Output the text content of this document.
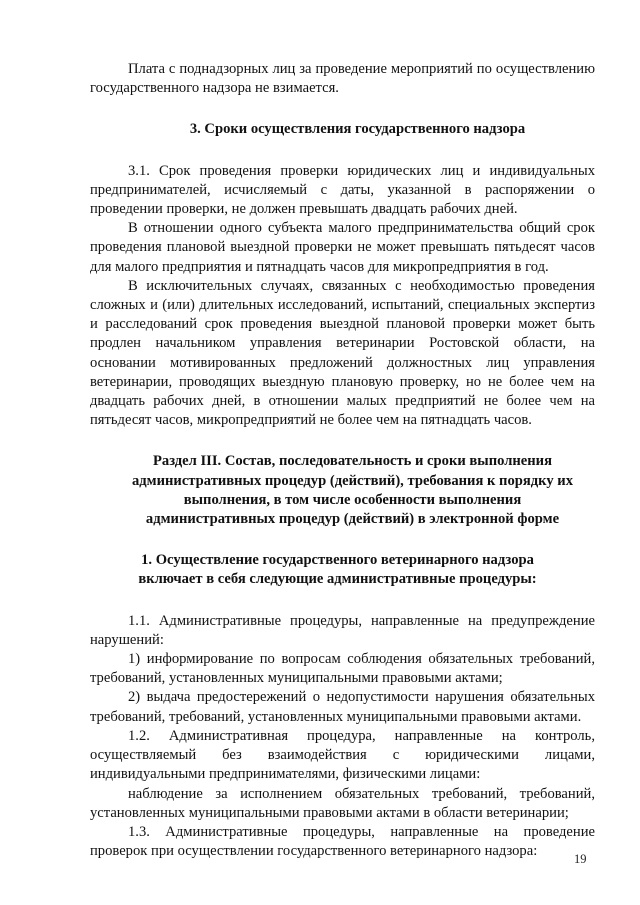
Плата с поднадзорных лиц за проведение мероприятий по осуществлению государственного надзора не взимается.

3. Сроки осуществления государственного надзора

3.1. Срок проведения проверки юридических лиц и индивидуальных предпринимателей, исчисляемый с даты, указанной в распоряжении о проведении проверки, не должен превышать двадцать рабочих дней.

В отношении одного субъекта малого предпринимательства общий срок проведения плановой выездной проверки не может превышать пятьдесят часов для малого предприятия и пятнадцать часов для микропредприятия в год.

В исключительных случаях, связанных с необходимостью проведения сложных и (или) длительных исследований, испытаний, специальных экспертиз и расследований срок проведения выездной плановой проверки может быть продлен начальником управления ветеринарии Ростовской области, на основании мотивированных предложений должностных лиц управления ветеринарии, проводящих выездную плановую проверку, но не более чем на двадцать рабочих дней, в отношении малых предприятий не более чем на пятьдесят часов, микропредприятий не более чем на пятнадцать часов.

Раздел III. Состав, последовательность и сроки выполнения административных процедур (действий), требования к порядку их выполнения, в том числе особенности выполнения административных процедур (действий) в электронной форме

1. Осуществление государственного ветеринарного надзора включает в себя следующие административные процедуры:

1.1. Административные процедуры, направленные на предупреждение нарушений:

1) информирование по вопросам соблюдения обязательных требований, требований, установленных муниципальными правовыми актами;

2) выдача предостережений о недопустимости нарушения обязательных требований, требований, установленных муниципальными правовыми актами.

1.2. Административная процедура, направленные на контроль, осуществляемый без взаимодействия с юридическими лицами, индивидуальными предпринимателями, физическими лицами:

наблюдение за исполнением обязательных требований, требований, установленных муниципальными правовыми актами в области ветеринарии;

1.3. Административные процедуры, направленные на проведение проверок при осуществлении государственного ветеринарного надзора:	19
